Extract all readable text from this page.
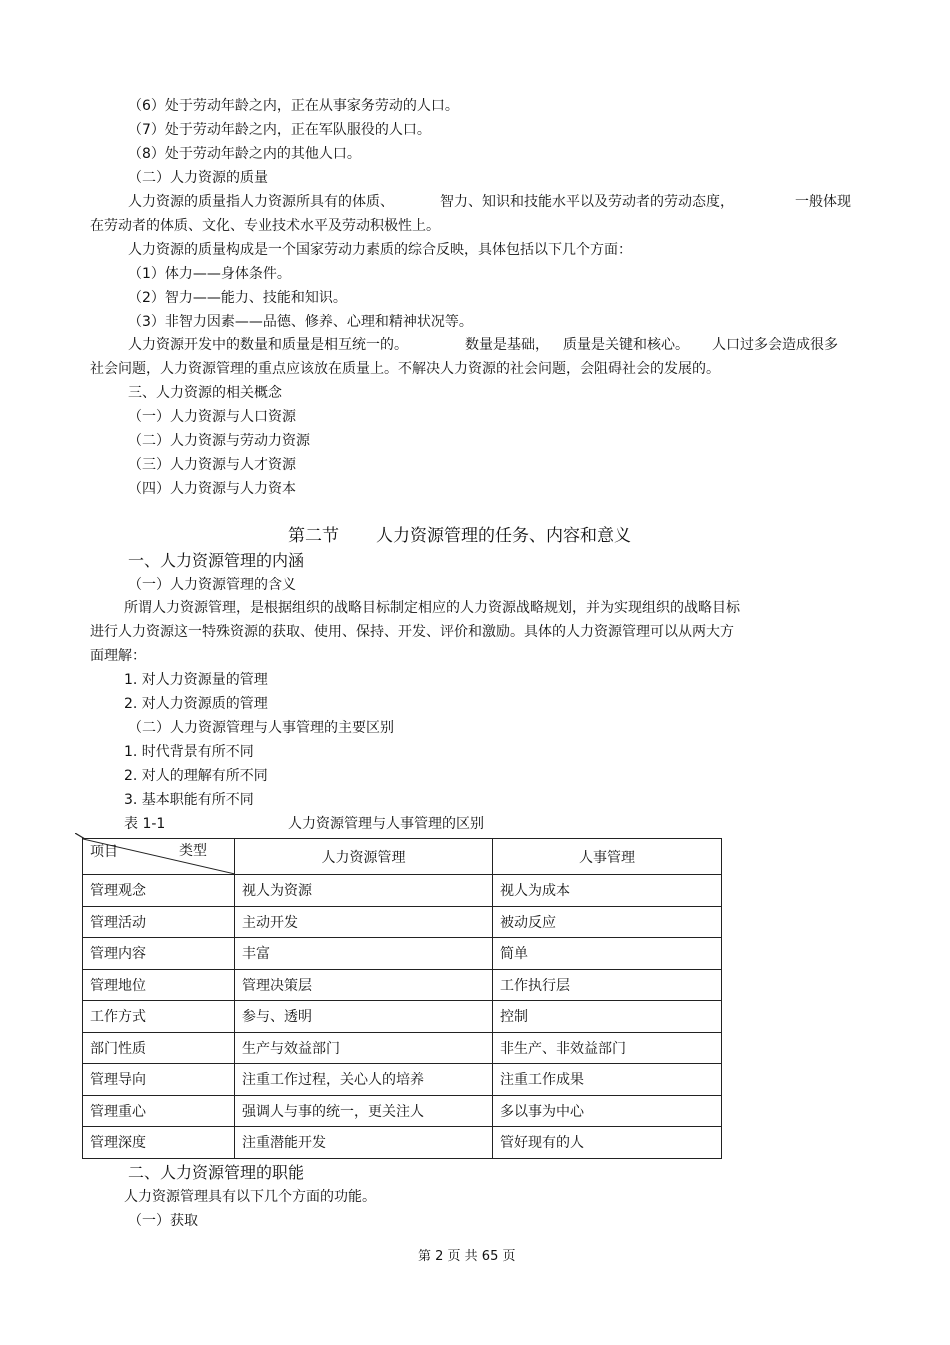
（6）处于劳动年龄之内，正在从事家务劳动的人口。
（7）处于劳动年龄之内，正在军队服役的人口。
（8）处于劳动年龄之内的其他人口。
（二）人力资源的质量
人力资源的质量指人力资源所具有的体质、	智力、知识和技能水平以及劳动者的劳动态度，	一般体现
在劳动者的体质、文化、专业技术水平及劳动积极性上。
人力资源的质量构成是一个国家劳动力素质的综合反映，具体包括以下几个方面：
（1）体力——身体条件。
（2）智力——能力、技能和知识。
（3）非智力因素——品德、修养、心理和精神状况等。
人力资源开发中的数量和质量是相互统一的。	数量是基础， 质量是关键和核心。 人口过多会造成很多
社会问题，人力资源管理的重点应该放在质量上。不解决人力资源的社会问题，会阻碍社会的发展的。
三、人力资源的相关概念
（一）人力资源与人口资源
（二）人力资源与劳动力资源
（三）人力资源与人才资源
（四）人力资源与人力资本
第二节 人力资源管理的任务、内容和意义
一、人力资源管理的内涵
（一）人力资源管理的含义
所谓人力资源管理，是根据组织的战略目标制定相应的人力资源战略规划，并为实现组织的战略目标
进行人力资源这一特殊资源的获取、使用、保持、开发、评价和激励。具体的人力资源管理可以从两大方
面理解：
1. 对人力资源量的管理
2. 对人力资源质的管理
（二）人力资源管理与人事管理的主要区别
1. 时代背景有所不同
2. 对人的理解有所不同
3. 基本职能有所不同
表 1-1	人力资源管理与人事管理的区别
项目 类型	人力资源管理	人事管理
管理观念	视人为资源	视人为成本
管理活动	主动开发	被动反应
管理内容	丰富	简单
管理地位	管理决策层	工作执行层
工作方式	参与、透明	控制
部门性质	生产与效益部门	非生产、非效益部门
管理导向	注重工作过程，关心人的培养	注重工作成果
管理重心	强调人与事的统一，更关注人	多以事为中心
管理深度	注重潜能开发	管好现有的人
二、人力资源管理的职能
人力资源管理具有以下几个方面的功能。
（一）获取
第 2 页 共 65 页
